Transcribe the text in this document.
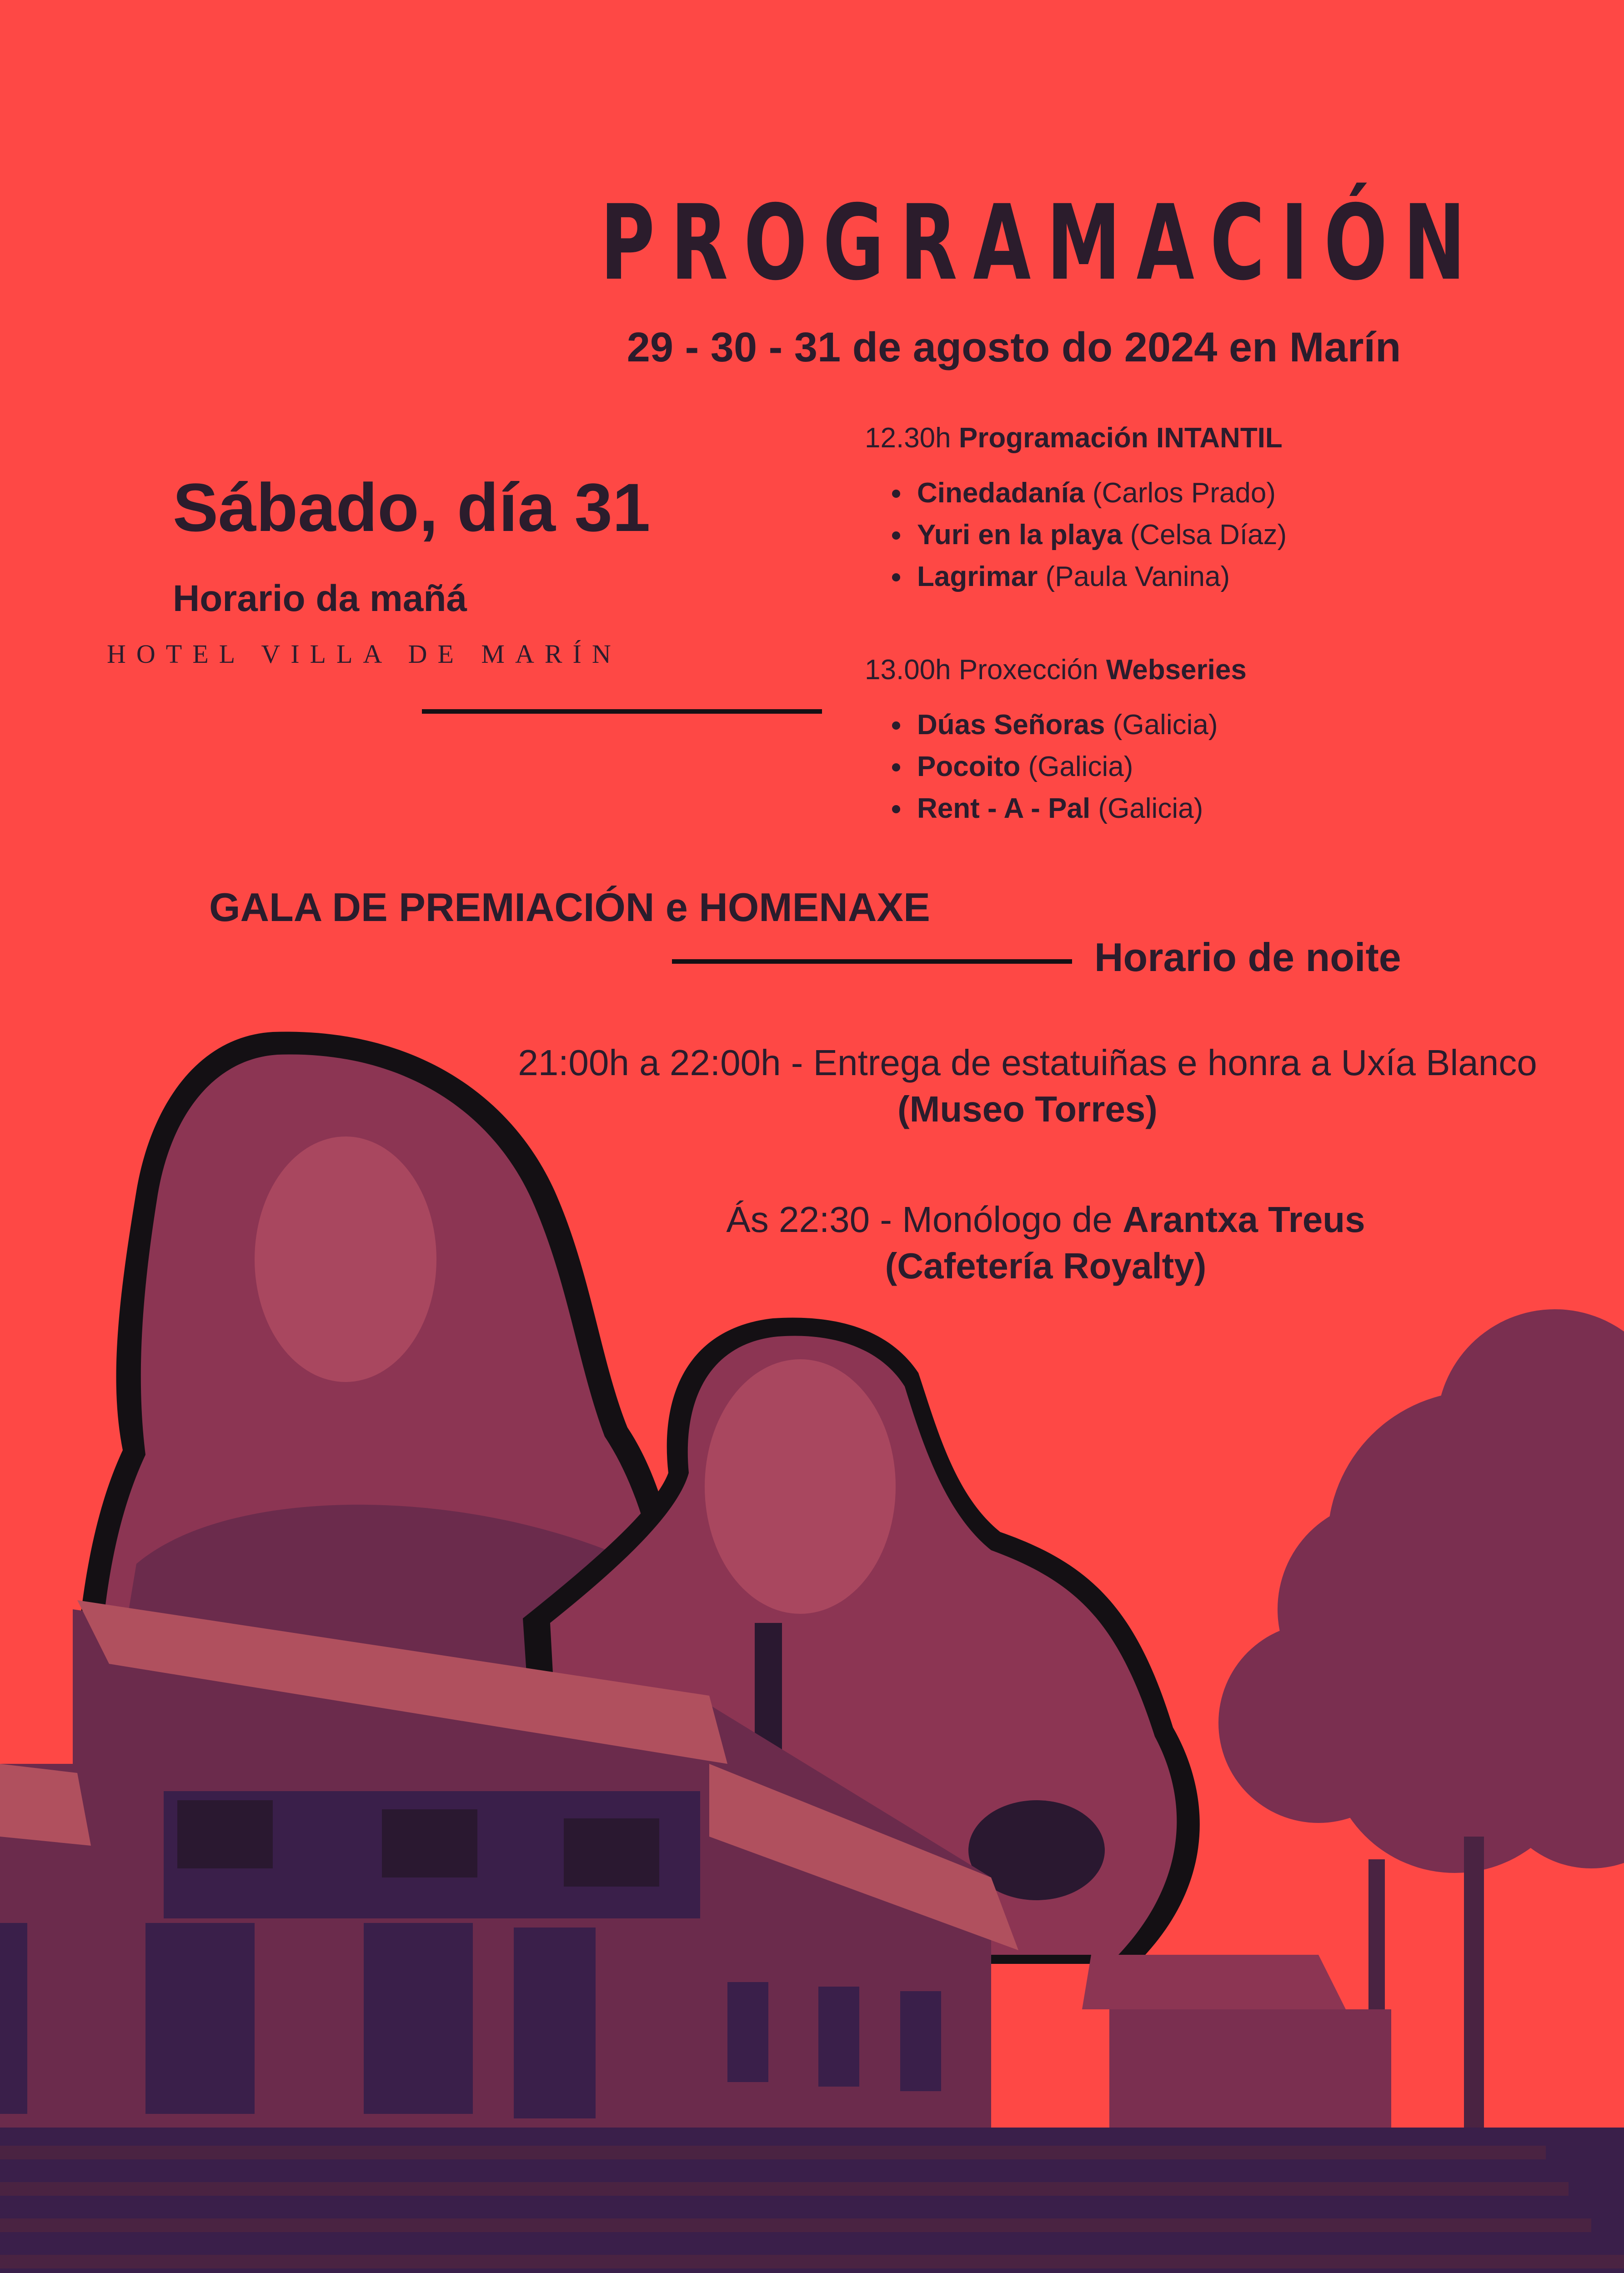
PROGRAMACIÓN
29 - 30 - 31 de agosto do 2024 en Marín
Sábado, día 31
Horario da mañá
HOTEL VILLA DE MARÍN
12.30h Programación INTANTIL
Cinedadanía (Carlos Prado)
Yuri en la playa (Celsa Díaz)
Lagrimar (Paula Vanina)
13.00h Proxección Webseries
Dúas Señoras (Galicia)
Pocoito (Galicia)
Rent - A - Pal (Galicia)
GALA DE PREMIACIÓN e HOMENAXE
Horario de noite
21:00h a 22:00h - Entrega de estatuiñas e honra a Uxía Blanco
(Museo Torres)
Ás 22:30 - Monólogo de Arantxa Treus
(Cafetería Royalty)
